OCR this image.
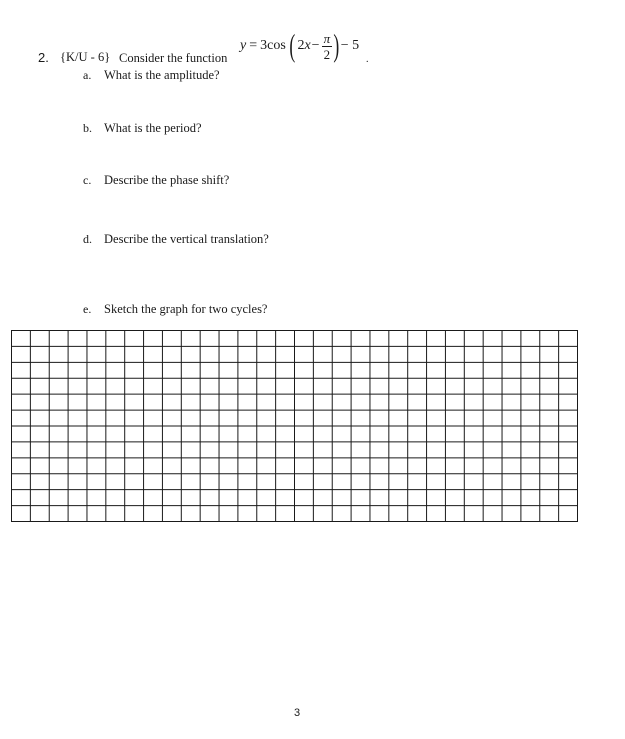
2. {K/U - 6} Consider the function
y = 3 cos ( 2 $x - \frac{\pi}{2}$ ) − 5
.
a. What is the amplitude?
b. What is the period?
c. Describe the phase shift?
d. Describe the vertical translation?
e. Sketch the graph for two cycles?
3
